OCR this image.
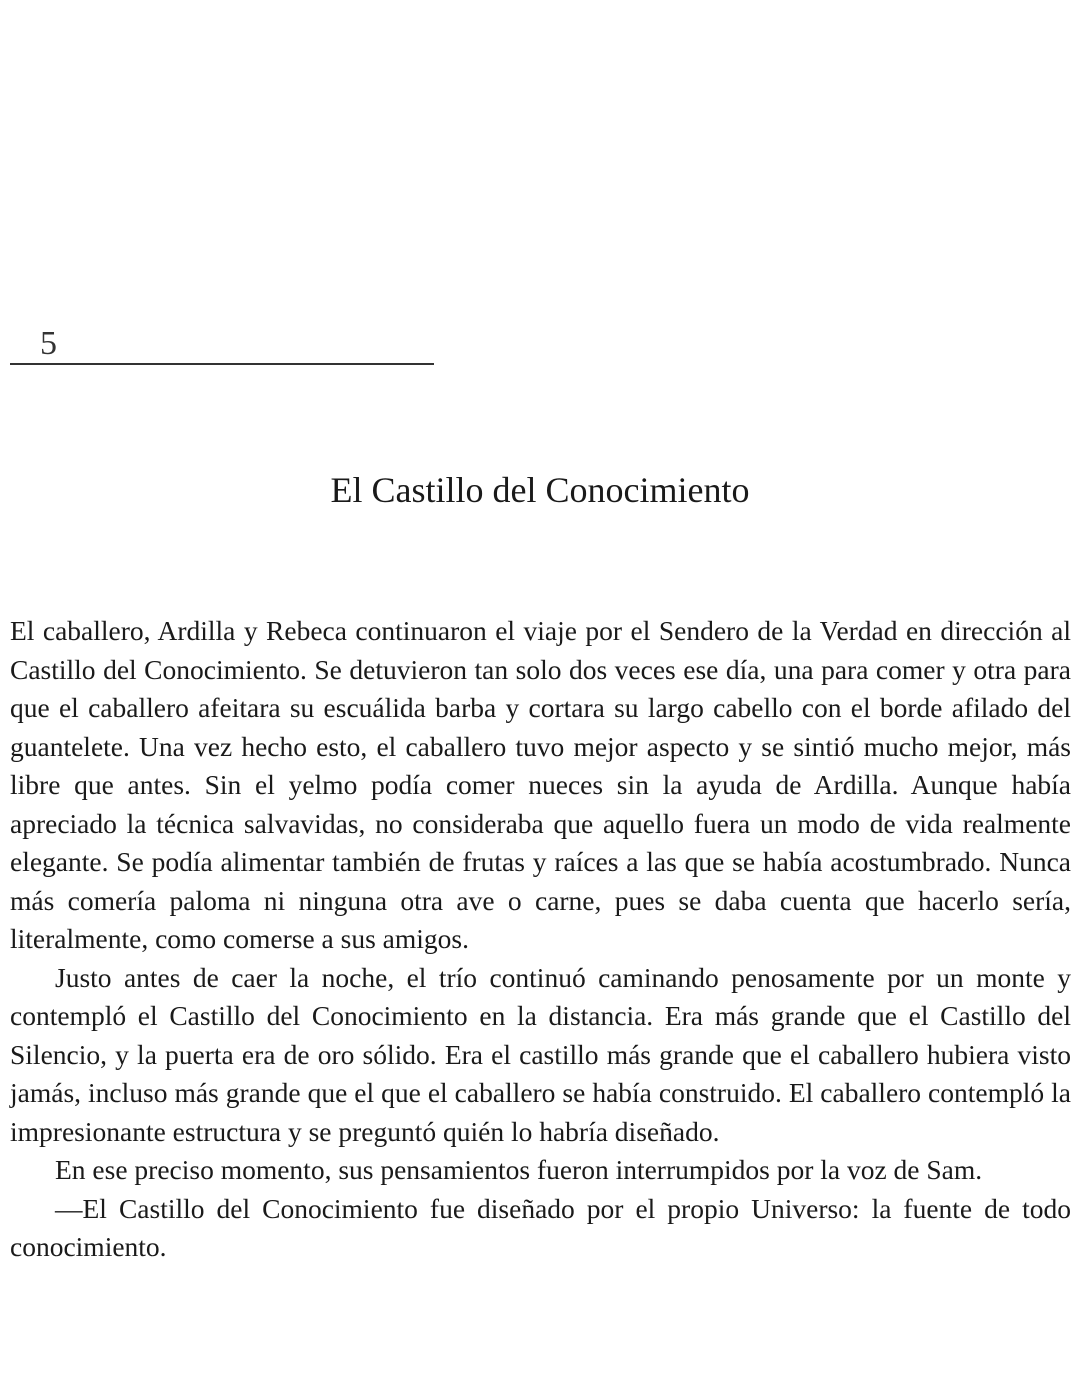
5
El Castillo del Conocimiento

El caballero, Ardilla y Rebeca continuaron el viaje por el Sendero de la Verdad en dirección al Castillo del Conocimiento. Se detuvieron tan solo dos veces ese día, una para comer y otra para que el caballero afeitara su escuálida barba y cortara su largo cabello con el borde afilado del guantelete. Una vez hecho esto, el caballero tuvo mejor aspecto y se sintió mucho mejor, más libre que antes. Sin el yelmo podía comer nueces sin la ayuda de Ardilla. Aunque había apreciado la técnica salvavidas, no consideraba que aquello fuera un modo de vida realmente elegante. Se podía alimentar también de frutas y raíces a las que se había acostumbrado. Nunca más comería paloma ni ninguna otra ave o carne, pues se daba cuenta que hacerlo sería, literalmente, como comerse a sus amigos.

Justo antes de caer la noche, el trío continuó caminando penosamente por un monte y contempló el Castillo del Conocimiento en la distancia. Era más grande que el Castillo del Silencio, y la puerta era de oro sólido. Era el castillo más grande que el caballero hubiera visto jamás, incluso más grande que el que el caballero se había construido. El caballero contempló la impresionante estructura y se preguntó quién lo habría diseñado.

En ese preciso momento, sus pensamientos fueron interrumpidos por la voz de Sam.

—El Castillo del Conocimiento fue diseñado por el propio Universo: la fuente de todo conocimiento.
